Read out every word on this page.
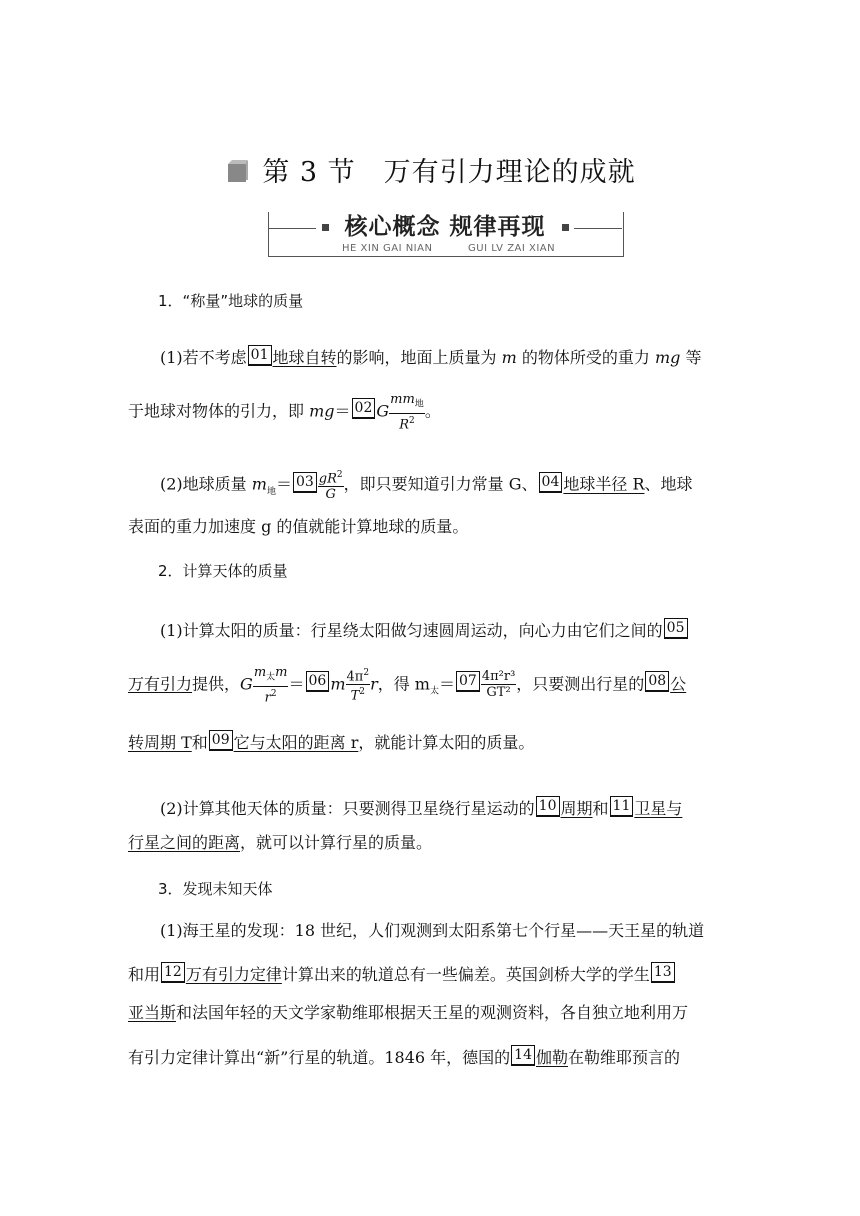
第 3 节　万有引力理论的成就
核心概念 规律再现
HE XIN GAI NIAN	GUI LV ZAI XIAN
1．“称量”地球的质量
(1)若不考虑 01 地球自转的影响，地面上质量为 m 的物体所受的重力 mg 等
于地球对物体的引力，即 mg＝ 02 G $\frac{mm_地}{R^2}$ 。
(2)地球质量 $m_地= 03 \frac{gR^2}{G}$ ，即只要知道引力常量 G、 04 地球半径 R、地球
表面的重力加速度 g 的值就能计算地球的质量。
2．计算天体的质量
(1)计算太阳的质量：行星绕太阳做匀速圆周运动，向心力由它们之间的 05
万有引力提供，G $\frac{m_太m}{r^2} = 06$ m $\frac{4\pi^2}{T^2}$ r，得 $m_太= 07 \frac{\text{4π²r³}}{\text{GT²}}$ ，只要测出行星的 08 公
转周期 T和 09 它与太阳的距离 r，就能计算太阳的质量。
(2)计算其他天体的质量：只要测得卫星绕行星运动的 10 周期和 11 卫星与
行星之间的距离，就可以计算行星的质量。
3．发现未知天体
(1)海王星的发现：18 世纪，人们观测到太阳系第七个行星——天王星的轨道
和用 12 万有引力定律计算出来的轨道总有一些偏差。英国剑桥大学的学生 13
亚当斯和法国年轻的天文学家勒维耶根据天王星的观测资料，各自独立地利用万
有引力定律计算出“新”行星的轨道。1846 年，德国的 14 伽勒在勒维耶预言的
